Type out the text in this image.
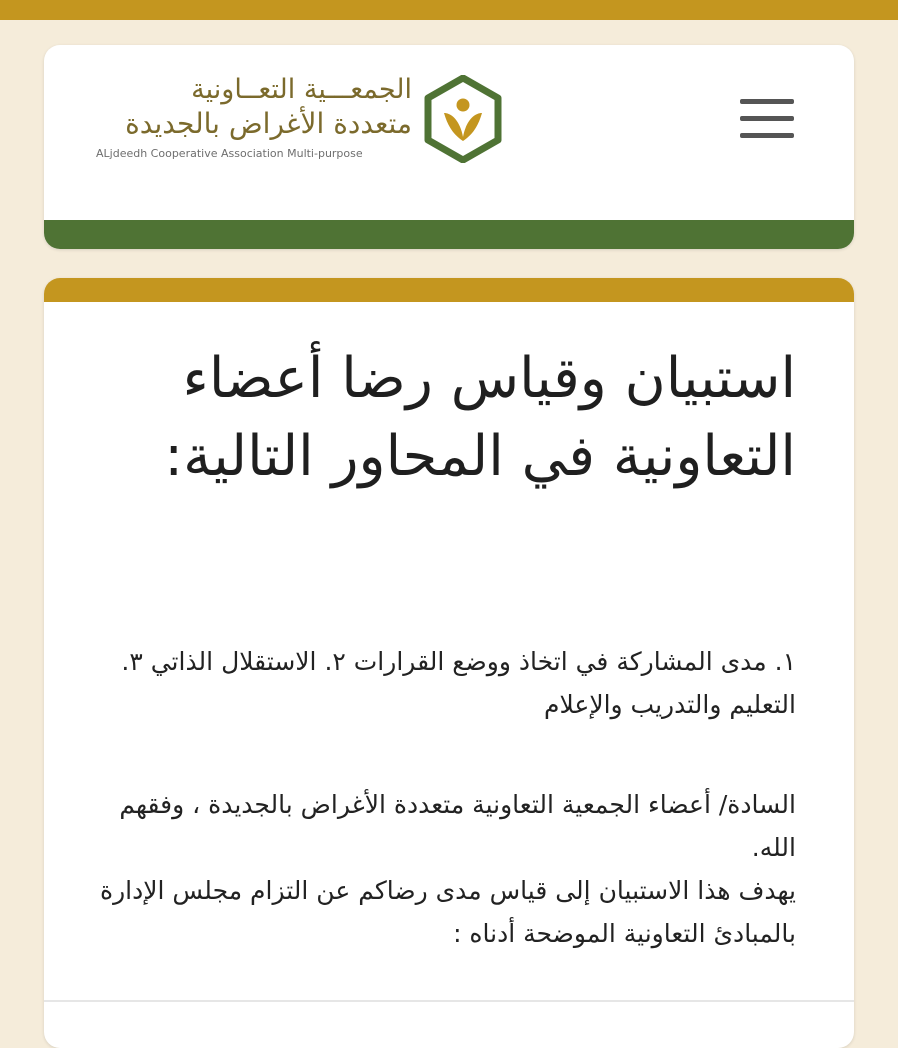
الجمعـــية التعــاونية
متعددة الأغراض بالجديدة
ALjdeedh Cooperative Association Multi-purpose
استبيان وقياس رضا أعضاء التعاونية في المحاور التالية:
١. مدى المشاركة في اتخاذ ووضع القرارات ٢. الاستقلال الذاتي ٣. التعليم والتدريب والإعلام
السادة/ أعضاء الجمعية التعاونية متعددة الأغراض بالجديدة ، وفقهم الله.
يهدف هذا الاستبيان إلى قياس مدى رضاكم عن التزام مجلس الإدارة بالمبادئ التعاونية الموضحة أدناه :
